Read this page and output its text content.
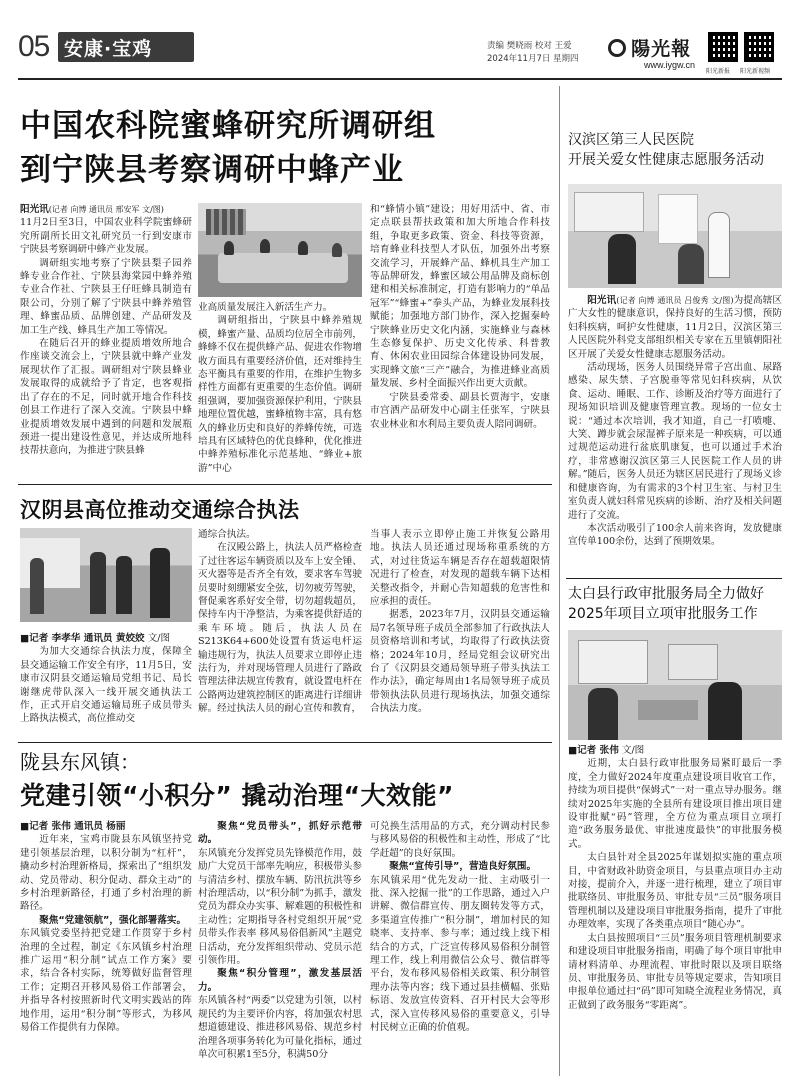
05 安康·宝鸡	责编 樊晓雨 校对 王爱
2024年11月7日 星期四	陽光報
www.iygw.cn
阳光新报 阳光新视频
中国农科院蜜蜂研究所调研组
到宁陕县考察调研中蜂产业

阳光讯(记者 向博 通讯员 邢安军 文/图)

11月2日至3日，中国农业科学院蜜蜂研究所副所长田文礼研究员一行到安康市宁陕县考察调研中蜂产业发展。

调研组实地考察了宁陕县梨子园养蜂专业合作社、宁陕县海棠园中蜂养殖专业合作社、宁陕县王仔旺蜂具制造有限公司，分别了解了宁陕县中蜂养殖管理、蜂蜜品质、品牌创建、产品研发及加工生产线、蜂具生产加工等情况。

在随后召开的蜂业提质增效所地合作座谈交流会上，宁陕县就中蜂产业发展现状作了汇报。调研组对宁陕县蜂业发展取得的成就给予了肯定，也客观指出了存在的不足，同时就开地合作科技创县工作进行了深入交流。宁陕县中蜂业提质增效发展中遇到的问题和发展瓶颈进一提出建设性意见，并达成所地科技帮扶意向，为推进宁陕县蜂

业高质量发展注入新活生产力。

调研组指出，宁陕县中蜂养殖规模，蜂蜜产量、品质均位居全市前列，蜂蜂不仅在提供蜂产品、促进农作物增收方面具有重要经济价值，还对维持生态平衡具有重要的作用，在维护生物多样性方面都有更重要的生态价值。调研组强调，要加强资源保护利用，宁陕县地理位置优越，蜜蜂植物丰富，具有悠久的蜂业历史和良好的养蜂传统，可选培具有区域特色的优良蜂种，优化推进中蜂养殖标准化示范基地、“蜂业+旅游”中心

和“蜂情小镇”建设；用好用活中、省、市定点联县帮扶政策和加大所地合作科技组，争取更多政策、资金、科技等资源，培育蜂业科技型人才队伍，加强外出考察交流学习，开展蜂产品、蜂机具生产加工等品牌研发，蜂蜜区域公用品牌及商标创建和相关标准制定，打造有影响力的“单品冠军”“蜂蜜+”拳头产品，为蜂业发展科技赋能；加强地方部门协作，深入挖掘秦岭宁陕蜂业历史文化内涵，实施蜂业与森林生态修复保护、历史文化传承、科普教育、休闲农业田园综合体建设协同发展，实现蜂文旅“三产”融合，为推进蜂业高质量发展、乡村全面振兴作出更大贡献。

宁陕县委常委、副县长贾海宇，安康市宫洒产品研发中心副主任张军，宁陕县农业林业和水利局主要负责人陪同调研。

汉阴县高位推动交通综合执法

■记者 李孝华 通讯员 黄姣姣 文/图

为加大交通综合执法力度，保障全县交通运输工作安全有序，11月5日，安康市汉阴县交通运输局党组书记、局长谢继虎带队深入一线开展交通执法工作，正式开启交通运输局班子成员带头上路执法模式，高位推动交

通综合执法。

在汉殿公路上，执法人员严格检查了过往客运车辆资质以及车上安全锤、灭火器等是否齐全有效，要求客车驾驶员要时刻绷紧安全弦，切勿疲劳驾驶，督促乘客系好安全带，切勿超载超员，保持车内干净整洁，为乘客提供舒适的乘车环境。随后，执法人员在S213K64+600处设置有货运电杆运输违规行为，执法人员要求立即停止违法行为，并对现场管理人员进行了路政管理法律法规宣传教育，就设置电杆在公路两边建筑控制区的距离进行详细讲解。经过执法人员的耐心宣传和教育，

当事人表示立即停止施工并恢复公路用地。执法人员还通过现场称重系统的方式，对过往货运车辆是否存在超载超限情况进行了检查，对发现的超载车辆下达相关整改指令，并耐心告知超载的危害性和应承担的责任。

据悉，2023年7月，汉阴县交通运输局7名领导班子成员全部参加了行政执法人员资格培训和考试，均取得了行政执法资格；2024年10月，经局党组会议研究出台了《汉阴县交通局领导班子带头执法工作办法》，确定每周由1名局领导班子成员带领执法队员进行现场执法，加强交通综合执法力度。

陇县东风镇：
党建引领“小积分” 撬动治理“大效能”

■记者 张伟 通讯员 杨丽

近年来，宝鸡市陇县东风镇坚持党建引领基层治理，以积分制为“杠杆”，撬动乡村治理新格局，探索出了“组织发动、党员带动、积分促动、群众主动”的乡村治理新路径，打通了乡村治理的新路径。

聚焦“党建领航”，强化部署落实。

东风镇党委坚持把党建工作贯穿于乡村治理的全过程，制定《东风镇乡村治理推广运用“积分制”试点工作方案》要求，结合各村实际，统筹做好监督管理工作；定期召开移风易俗工作部署会，并指导各村按照新时代文明实践站的阵地作用，运用“积分制”等形式，为移风易俗工作提供有力保障。

聚焦“党员带头”，抓好示范带动。

东风镇充分发挥党员先锋模范作用，鼓励广大党员干部率先响应，积极带头参与清洁乡村、摆放车辆、防汛抗洪等乡村治理活动，以“积分制”为抓手，激发党员为群众办实事、解难题的积极性和主动性；定期指导各村党组织开展“党员带头作表率 移风易俗倡新风”主题党日活动，充分发挥组织带动、党员示范引领作用。

聚焦“积分管理”，激发基层活力。

东风镇各村“两委”以党建为引领，以村规民约为主要评价内容，将加强农村思想道德建设、推进移风易俗、规范乡村治理各项事务转化为可量化指标，通过单次可积累1至5分，积满50分

可兑换生活用品的方式，充分调动村民参与移风易俗的积极性和主动性，形成了“比学赶超”的良好氛围。

聚焦“宣传引导”，营造良好氛围。

东风镇采用“优先发动一批、主动吸引一批、深入挖掘一批”的工作思路，通过入户讲解、微信群宣传、朋友圈转发等方式，多渠道宣传推广“积分制”，增加村民的知晓率、支持率、参与率；通过线上线下相结合的方式，广泛宣传移风易俗积分制管理工作，线上利用微信公众号、微信群等平台，发布移风易俗相关政策、积分制管理办法等内容；线下通过县挂横幅、张贴标语、发放宣传资料、召开村民大会等形式，深入宣传移风易俗的重要意义，引导村民树立正确的价值观。

汉滨区第三人民医院
开展关爱女性健康志愿服务活动

阳光讯(记者 向博 通讯员 吕俊秀 文/图)为提高辖区广大女性的健康意识，保持良好的生活习惯，预防妇科疾病，呵护女性健康，11月2日，汉滨区第三人民医院外科党支部组织相关专家在五里镇朝阳社区开展了关爱女性健康志愿服务活动。

活动现场，医务人员围绕异常子宫出血、尿路感染、尿失禁、子宫脱垂等常见妇科疾病，从饮食、运动、睡眠、工作、诊断及治疗等方面进行了现场知识培训及健康管理宣教。现场的一位女士说：“通过本次培训，我才知道，自己一打喷嚏、大笑、蹲步就会尿湿裤子原来是一种疾病，可以通过规范运动进行盆底肌康复，也可以通过手术治疗，非常感谢汉滨区第三人民医院工作人员的讲解。”随后，医务人员还为辖区居民进行了现场义诊和健康咨询，为有需求的3个村卫生室、与村卫生室负责人就妇科常见疾病的诊断、治疗及相关问题进行了交流。

本次活动吸引了100余人前来咨询，发放健康宣传单100余份，达到了预期效果。

太白县行政审批服务局全力做好
2025年项目立项审批服务工作

■记者 张伟 文/图

近期，太白县行政审批服务局紧盯最后一季度，全力做好2024年度重点建设项目收官工作，持续为项目提供“保姆式”一对一重点导办服务。继续对2025年实施的全县所有建设项目推出项目建设审批赋“码”管理，全方位为重点项目立项打造“政务服务最优、审批速度最快”的审批服务模式。

太白县针对全县2025年谋划拟实施的重点项目，中省财政补助资金项目，与县重点项目办主动对接，提前介入，并逐一进行梳理，建立了项目审批联络员、审批服务员、审批专员“三员”服务项目管理机制以及建设项目审批服务指南，提升了审批办理效率，实现了各类重点项目“随心办”。

太白县按照项目“三员”服务项目管理机制要求和建设项目审批服务指南，明确了每个项目审批申请材料清单、办理流程、审批时限以及项目联络员、审批服务员、审批专员等规定要求，告知项目申报单位通过扫“码”即可知晓全流程业务情况，真正做到了政务服务“零距离”。
